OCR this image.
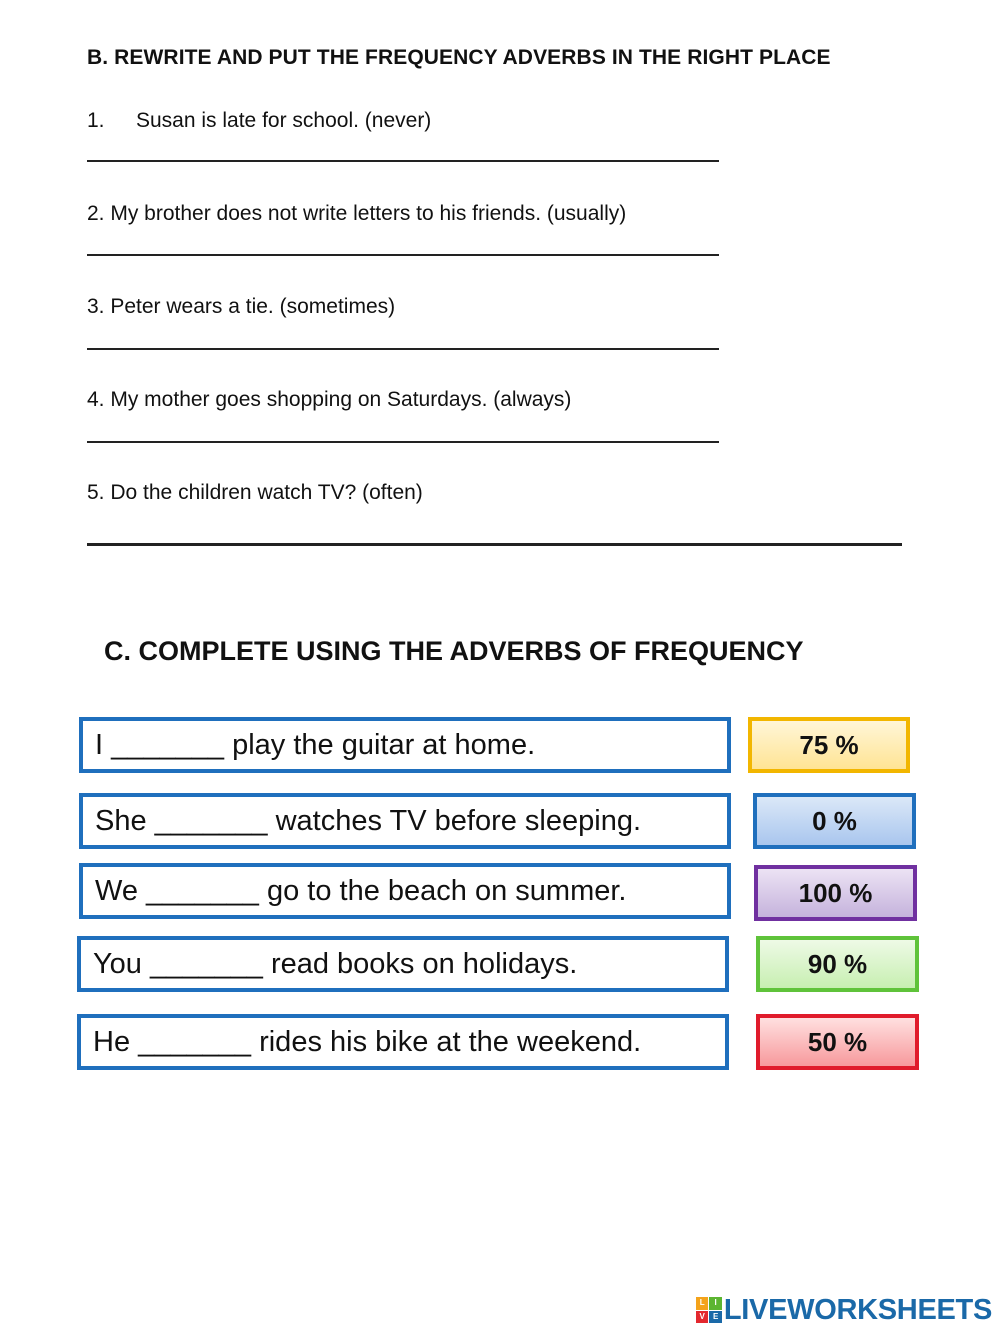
B. REWRITE AND PUT THE FREQUENCY ADVERBS IN THE RIGHT PLACE
1. Susan is late for school. (never)
2. My brother does not write letters to his friends. (usually)
3. Peter wears a tie. (sometimes)
4. My mother goes shopping on Saturdays. (always)
5. Do the children watch TV? (often)
C. COMPLETE USING THE ADVERBS OF FREQUENCY
I _______ play the guitar at home.	75 %
She _______ watches TV before sleeping.	0 %
We _______ go to the beach on summer.	100 %
You _______ read books on holidays.	90 %
He _______ rides his bike at the weekend.	50 %
L	I
V	E LIVEWORKSHEETS
